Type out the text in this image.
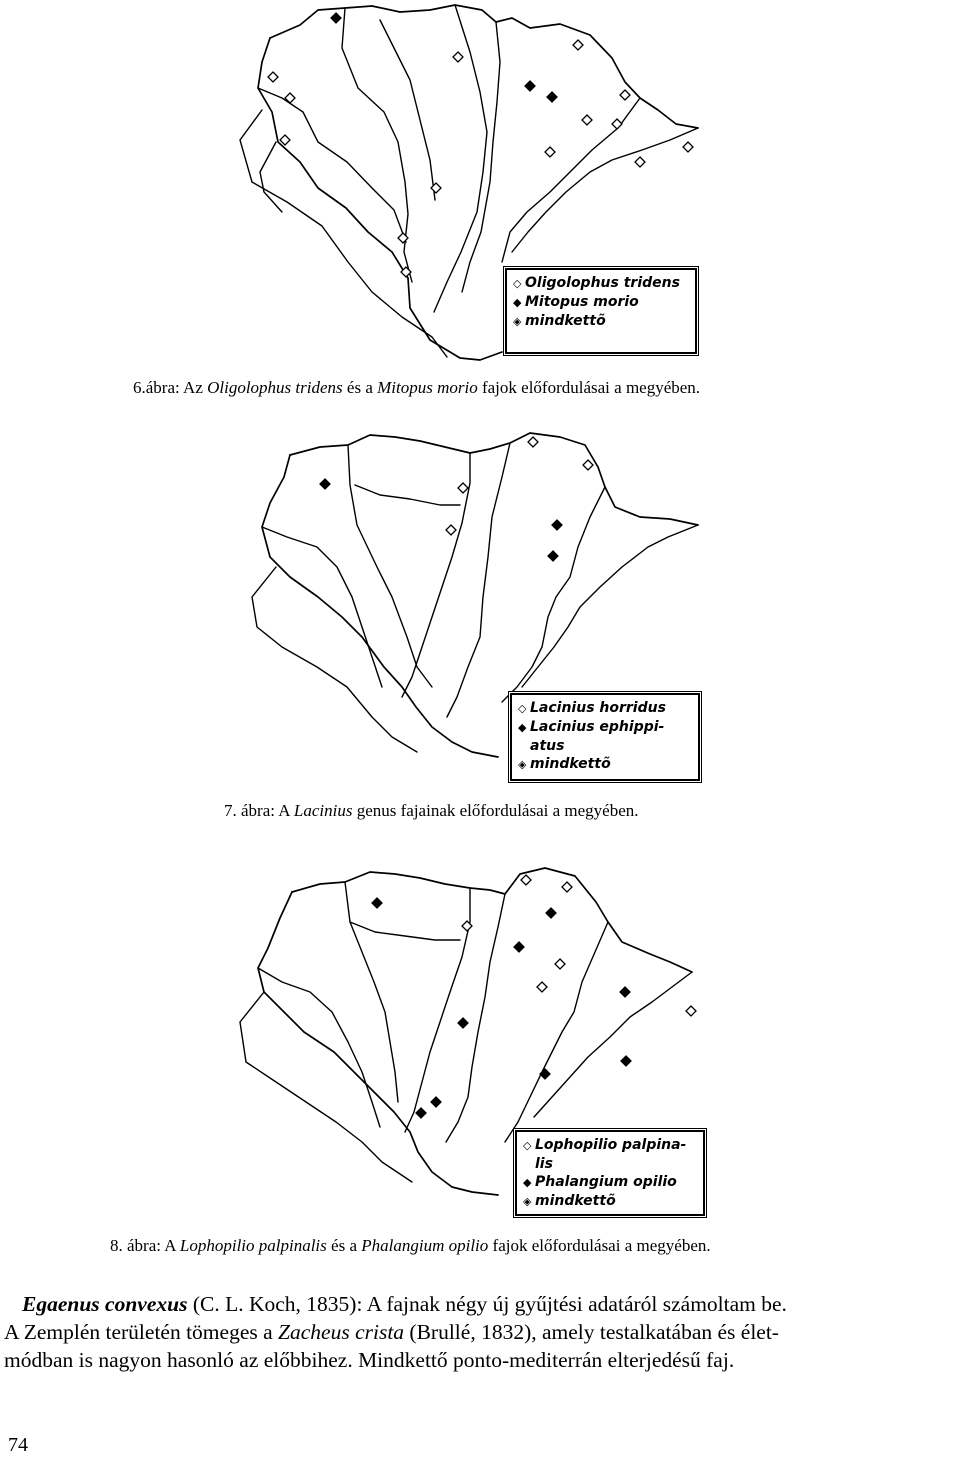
◇ Oligolophus tridens
◆ Mitopus morio
◈ mindkettõ
6.ábra: Az Oligolophus tridens és a Mitopus morio fajok előfordulásai a megyében.
◇ Lacinius horridus
◆ Lacinius ephippi-
atus
◈ mindkettõ
7. ábra: A Lacinius genus fajainak előfordulásai a megyében.
◇ Lophopilio palpina-
lis
◆ Phalangium opilio
◈ mindkettõ
8. ábra: A Lophopilio palpinalis és a Phalangium opilio fajok előfordulásai a megyében.
Egaenus convexus (C. L. Koch, 1835): A fajnak négy új gyűjtési adatáról számoltam be.
A Zemplén területén tömeges a Zacheus crista (Brullé, 1832), amely testalkatában és élet-
módban is nagyon hasonló az előbbihez. Mindkettő ponto-mediterrán elterjedésű faj.
74
